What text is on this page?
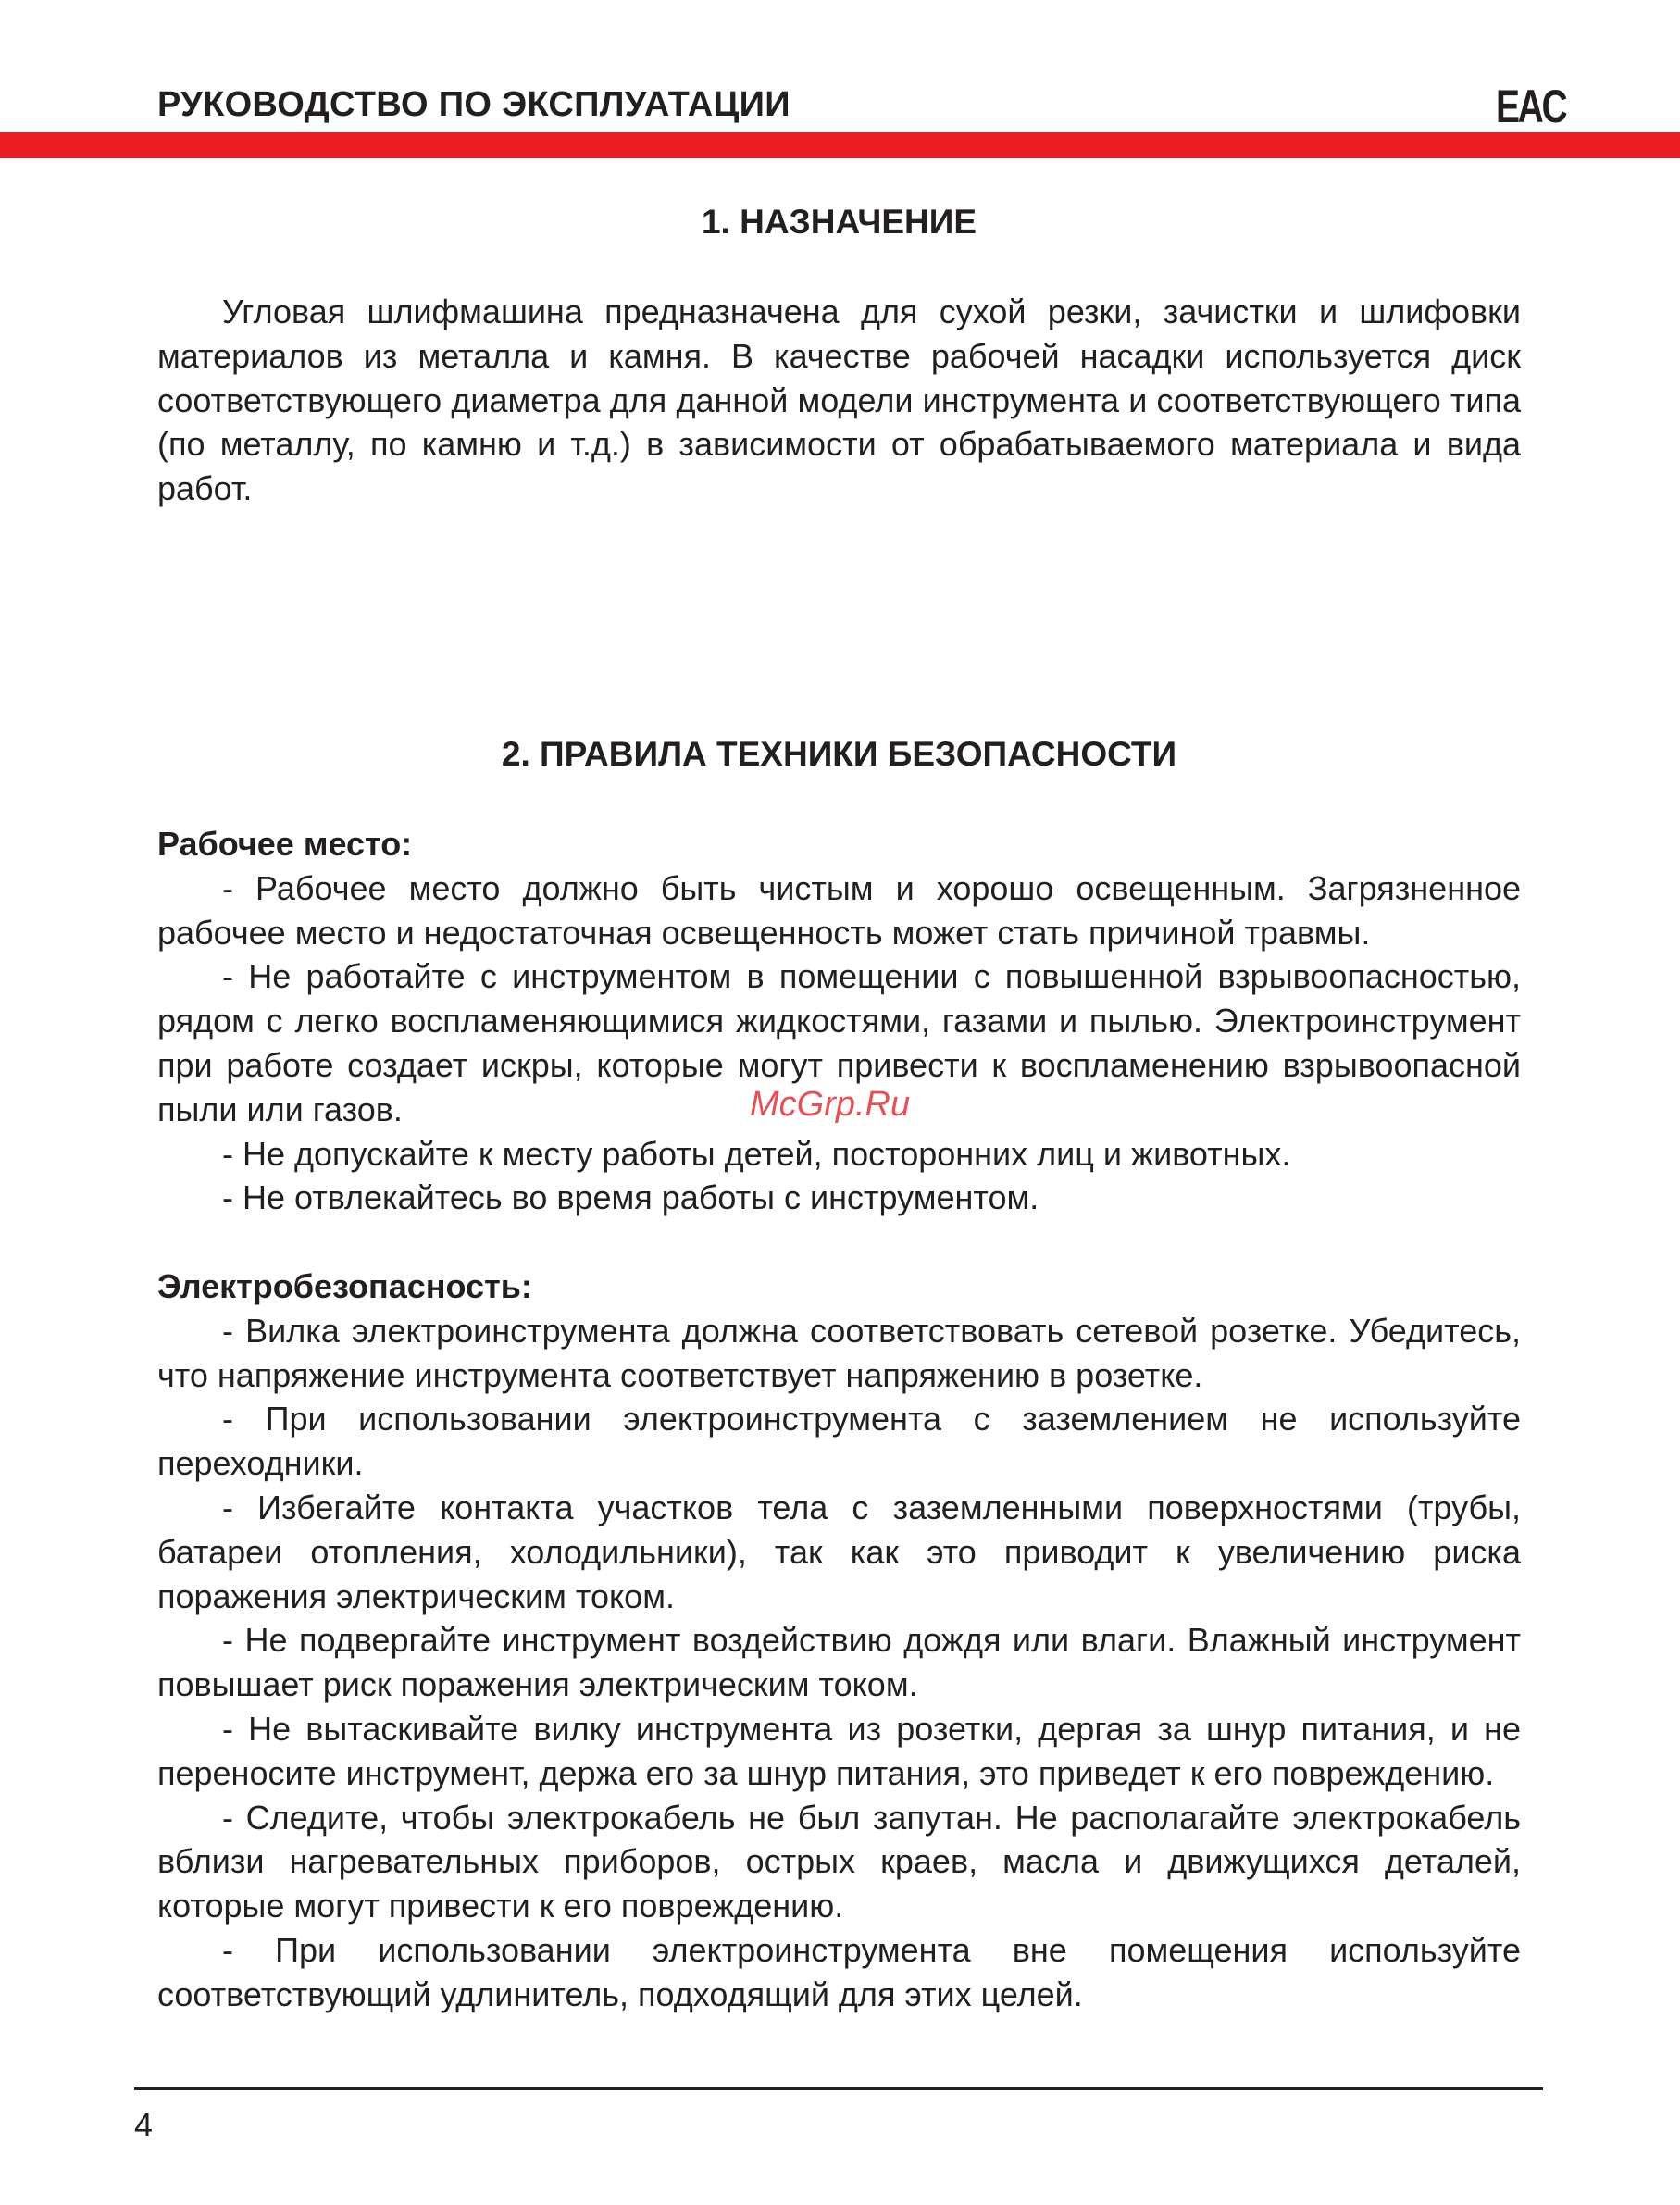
РУКОВОДСТВО ПО ЭКСПЛУАТАЦИИ	EAC
1. НАЗНАЧЕНИЕ

Угловая шлифмашина предназначена для сухой резки, зачистки и шлифовки материалов из металла и камня. В качестве рабочей насадки используется диск соответствующего диаметра для данной модели инструмента и соответствующего типа (по металлу, по камню и т.д.) в зависимости от обрабатываемого материала и вида работ.

2. ПРАВИЛА ТЕХНИКИ БЕЗОПАСНОСТИ

Рабочее место:

- Рабочее место должно быть чистым и хорошо освещенным. Загрязненное рабочее место и недостаточная освещенность может стать причиной травмы.

- Не работайте с инструментом в помещении с повышенной взрывоопасностью, рядом с легко воспламеняющимися жидкостями, газами и пылью. Электроинструмент при работе создает искры, которые могут привести к воспламенению взрывоопасной пыли или газов.

- Не допускайте к месту работы детей, посторонних лиц и животных.

- Не отвлекайтесь во время работы с инструментом.

Электробезопасность:

- Вилка электроинструмента должна соответствовать сетевой розетке. Убедитесь, что напряжение инструмента соответствует напряжению в розетке.

- При использовании электроинструмента с заземлением не используйте переходники.

- Избегайте контакта участков тела с заземленными поверхностями (трубы, батареи отопления, холодильники), так как это приводит к увеличению риска поражения электрическим током.

- Не подвергайте инструмент воздействию дождя или влаги. Влажный инструмент повышает риск поражения электрическим током.

- Не вытаскивайте вилку инструмента из розетки, дергая за шнур питания, и не переносите инструмент, держа его за шнур питания, это приведет к его повреждению.

- Следите, чтобы электрокабель не был запутан. Не располагайте электрокабель вблизи нагревательных приборов, острых краев, масла и движущихся деталей, которые могут привести к его повреждению.

- При использовании электроинструмента вне помещения используйте соответствующий удлинитель, подходящий для этих целей.

McGrp.Ru
4
